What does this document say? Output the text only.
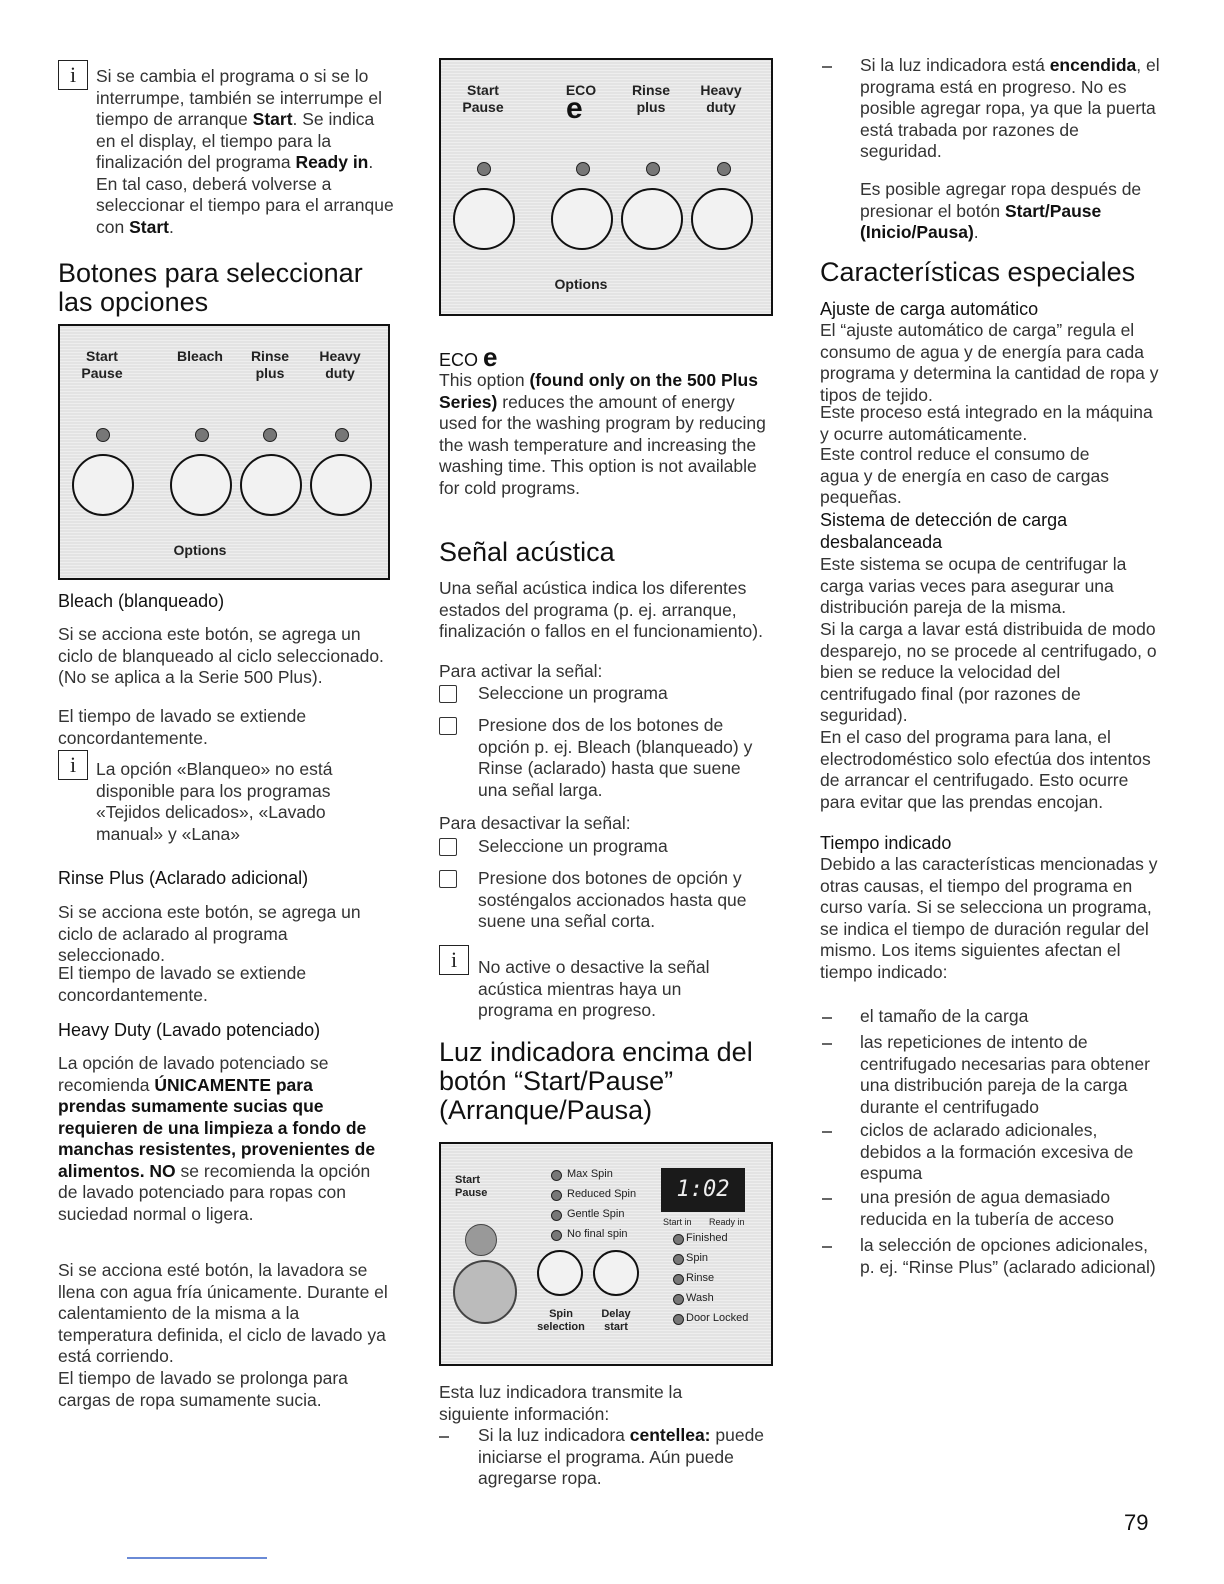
i	Si se cambia el programa o si se lo interrumpe, también se interrumpe el tiempo de arranque Start. Se indica en el display, el tiempo para la finalización del programa Ready in. En tal caso, deberá volverse a seleccionar el tiempo para el arranque con Start.

Botones para seleccionar las opciones
Start
Pause
Bleach	Rinse
plus
Heavy
duty
Options
Bleach (blanqueado)

Si se acciona este botón, se agrega un ciclo de blanqueado al ciclo seleccionado. (No se aplica a la Serie 500 Plus).

El tiempo de lavado se extiende concordantemente.

i	La opción «Blanqueo» no está disponible para los programas «Tejidos delicados», «Lavado manual» y «Lana»

Rinse Plus (Aclarado adicional)

Si se acciona este botón, se agrega un ciclo de aclarado al programa seleccionado.

El tiempo de lavado se extiende concordantemente.

Heavy Duty (Lavado potenciado)

La opción de lavado potenciado se recomienda ÚNICAMENTE para prendas sumamente sucias que requieren de una limpieza a fondo de manchas resistentes, provenientes de alimentos. NO se recomienda la opción de lavado potenciado para ropas con suciedad normal o ligera.

Si se acciona esté botón, la lavadora se llena con agua fría únicamente. Durante el calentamiento de la misma a la temperatura definida, el ciclo de lavado ya está corriendo.

El tiempo de lavado se prolonga para cargas de ropa sumamente sucia.

Start
Pause
ECO
e
Rinse
plus
Heavy
duty
Options
ECO e

This option (found only on the 500 Plus Series) reduces the amount of energy used for the washing program by reducing the wash temperature and increasing the washing time. This option is not available for cold programs.

Señal acústica

Una señal acústica indica los diferentes estados del programa (p. ej. arranque, finalización o fallos en el funcionamiento).

Para activar la señal:

Seleccione un programa

Presione dos de los botones de opción p. ej. Bleach (blanqueado) y Rinse (aclarado) hasta que suene una señal larga.

Para desactivar la señal:

Seleccione un programa

Presione dos botones de opción y sosténgalos accionados hasta que suene una señal corta.

i	No active o desactive la señal acústica mientras haya un programa en progreso.

Luz indicadora encima del botón “Start/Pause” (Arranque/Pausa)
Start
Pause
Max Spin
Reduced Spin
Gentle Spin
No final spin
1:02
Start in Ready in
Spin
selection
Delay
start
Finished
Spin
Rinse
Wash
Door Locked

Esta luz indicadora transmite la siguiente información:

Si la luz indicadora centellea: puede iniciarse el programa. Aún puede agregarse ropa.

Si la luz indicadora está encendida, el programa está en progreso. No es posible agregar ropa, ya que la puerta está trabada por razones de seguridad.

Es posible agregar ropa después de presionar el botón Start/Pause (Inicio/Pausa).

Características especiales
Ajuste de carga automático

El “ajuste automático de carga” regula el consumo de agua y de energía para cada programa y determina la cantidad de ropa y tipos de tejido.

Este proceso está integrado en la máquina y ocurre automáticamente.

Este control reduce el consumo de agua y de energía en caso de cargas pequeñas.

Sistema de detección de carga desbalanceada

Este sistema se ocupa de centrifugar la carga varias veces para asegurar una distribución pareja de la misma.

Si la carga a lavar está distribuida de modo desparejo, no se procede al centrifugado, o bien se reduce la velocidad del centrifugado final (por razones de seguridad).

En el caso del programa para lana, el electrodoméstico solo efectúa dos intentos de arrancar el centrifugado. Esto ocurre para evitar que las prendas encojan.

Tiempo indicado

Debido a las características mencionadas y otras causas, el tiempo del programa en curso varía. Si se selecciona un programa, se indica el tiempo de duración regular del mismo. Los items siguientes afectan el tiempo indicado:

el tamaño de la carga

las repeticiones de intento de centrifugado necesarias para obtener una distribución pareja de la carga durante el centrifugado

ciclos de aclarado adicionales, debidos a la formación excesiva de espuma

una presión de agua demasiado reducida en la tubería de acceso

la selección de opciones adicionales, p. ej. “Rinse Plus” (aclarado adicional)

79
